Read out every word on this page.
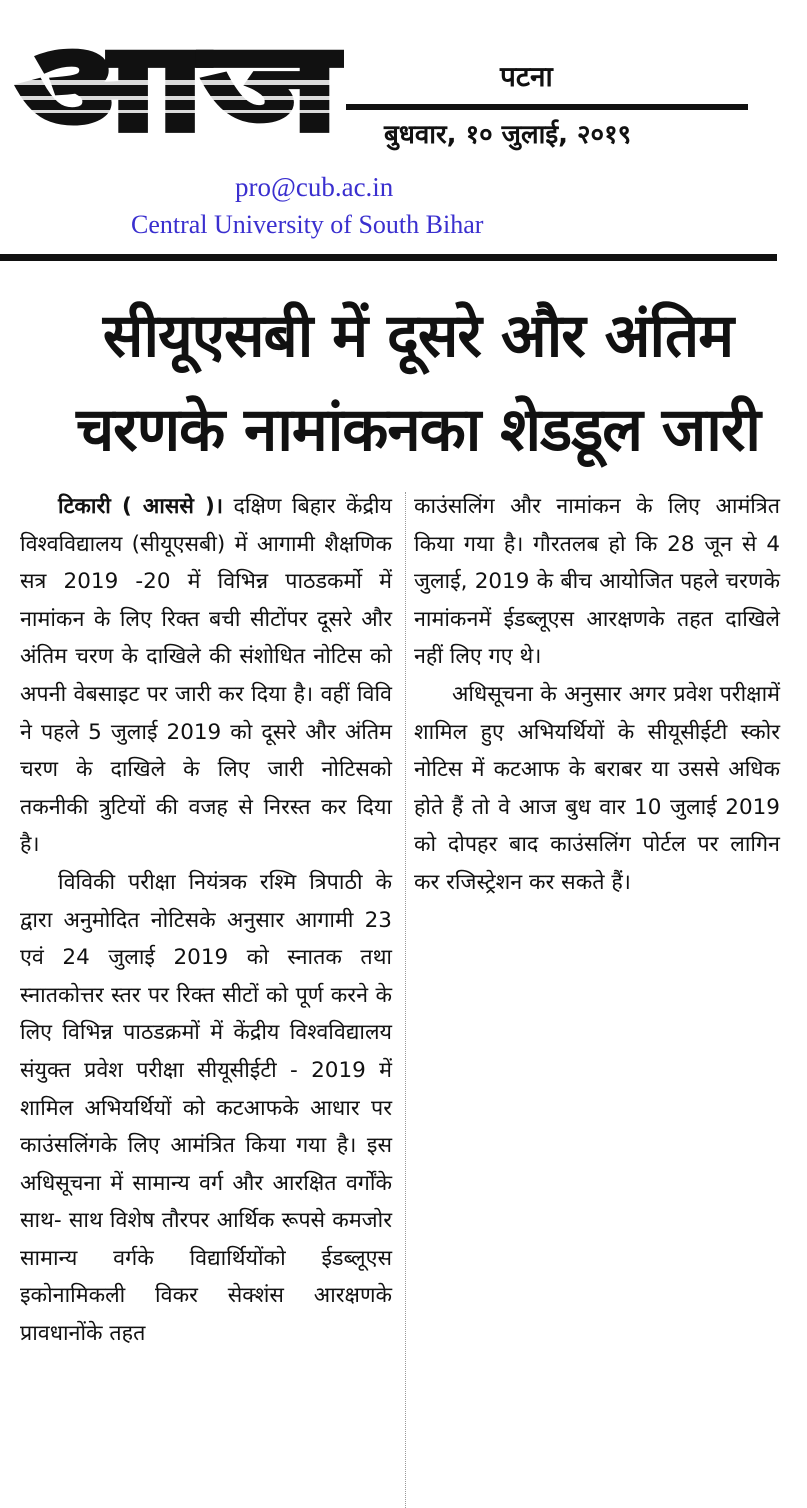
पटना
बुधवार, १० जुलाई, २०१९
pro@cub.ac.in
Central University of South Bihar
सीयूएसबी में दूसरे और अंतिम
चरणके नामांकनका शेडडूल जारी

टिकारी ( आससे )। दक्षिण बिहार केंद्रीय विश्वविद्यालय (सीयूएसबी) में आगामी शैक्षणिक सत्र 2019 -20 में विभिन्न पाठडकर्मो में नामांकन के लिए रिक्त बची सीटोंपर दूसरे और अंतिम चरण के दाखिले की संशोधित नोटिस को अपनी वेबसाइट पर जारी कर दिया है। वहीं विवि ने पहले 5 जुलाई 2019 को दूसरे और अंतिम चरण के दाखिले के लिए जारी नोटिसको तकनीकी त्रुटियों की वजह से निरस्त कर दिया है।

विविकी परीक्षा नियंत्रक रश्मि त्रिपाठी के द्वारा अनुमोदित नोटिसके अनुसार आगामी 23 एवं 24 जुलाई 2019 को स्नातक तथा स्नातकोत्तर स्तर पर रिक्त सीटों को पूर्ण करने के लिए विभिन्न पाठडक्रमों में केंद्रीय विश्वविद्यालय संयुक्त प्रवेश परीक्षा सीयूसीईटी - 2019 में शामिल अभियर्थियों को कटआफके आधार पर काउंसलिंगके लिए आमंत्रित किया गया है। इस अधिसूचना में सामान्य वर्ग और आरक्षित वर्गोंके साथ- साथ विशेष तौरपर आर्थिक रूपसे कमजोर सामान्य वर्गके विद्यार्थियोंको ईडब्लूएस इकोनामिकली विकर सेक्शंस आरक्षणके प्रावधानोंके तहत

काउंसलिंग और नामांकन के लिए आमंत्रित किया गया है। गौरतलब हो कि 28 जून से 4 जुलाई, 2019 के बीच आयोजित पहले चरणके नामांकनमें ईडब्लूएस आरक्षणके तहत दाखिले नहीं लिए गए थे।

अधिसूचना के अनुसार अगर प्रवेश परीक्षामें शामिल हुए अभियर्थियों के सीयूसीईटी स्कोर नोटिस में कटआफ के बराबर या उससे अधिक होते हैं तो वे आज बुध वार 10 जुलाई 2019 को दोपहर बाद काउंसलिंग पोर्टल पर लागिन कर रजिस्ट्रेशन कर सकते हैं।
